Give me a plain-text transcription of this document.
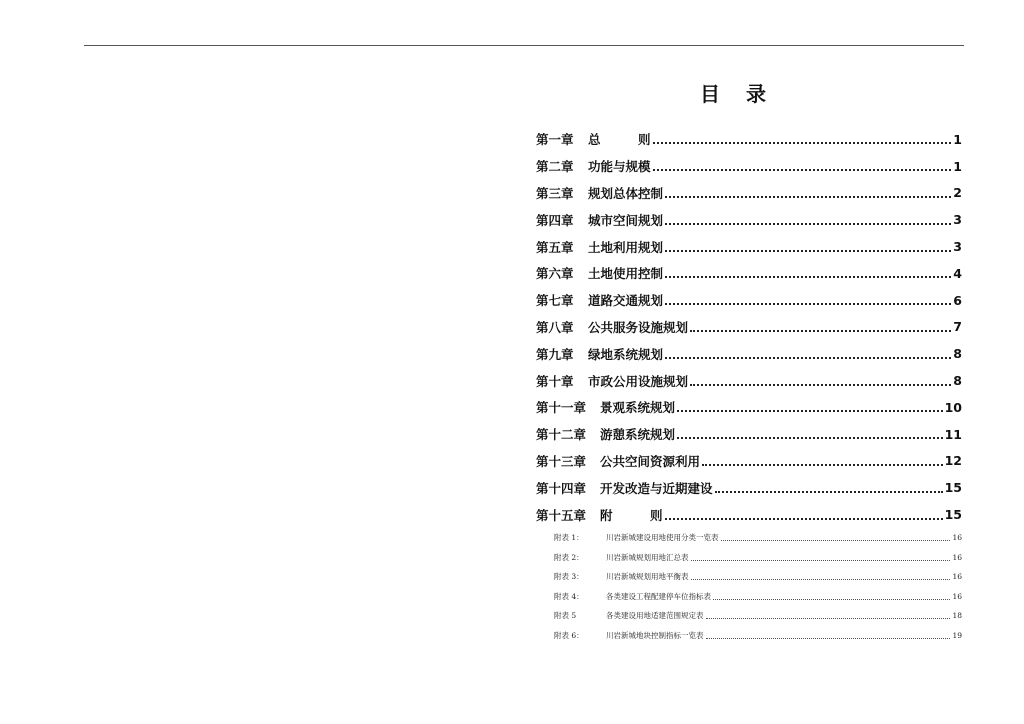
目录
第一章	总　　　则	1
第二章	功能与规模	1
第三章	规划总体控制	2
第四章	城市空间规划	3
第五章	土地利用规划	3
第六章	土地使用控制	4
第七章	道路交通规划	6
第八章	公共服务设施规划	7
第九章	绿地系统规划	8
第十章	市政公用设施规划	8
第十一章	景观系统规划	10
第十二章	游憩系统规划	11
第十三章	公共空间资源利用	12
第十四章	开发改造与近期建设	15
第十五章	附　　　则	15
附表 1：	川岩新城建设用地使用分类一览表	16
附表 2：	川岩新城规划用地汇总表	16
附表 3：	川岩新城规划用地平衡表	16
附表 4：	各类建设工程配建停车位指标表	16
附表 5	各类建设用地适建范围规定表	18
附表 6：	川岩新城地块控制指标一览表	19
